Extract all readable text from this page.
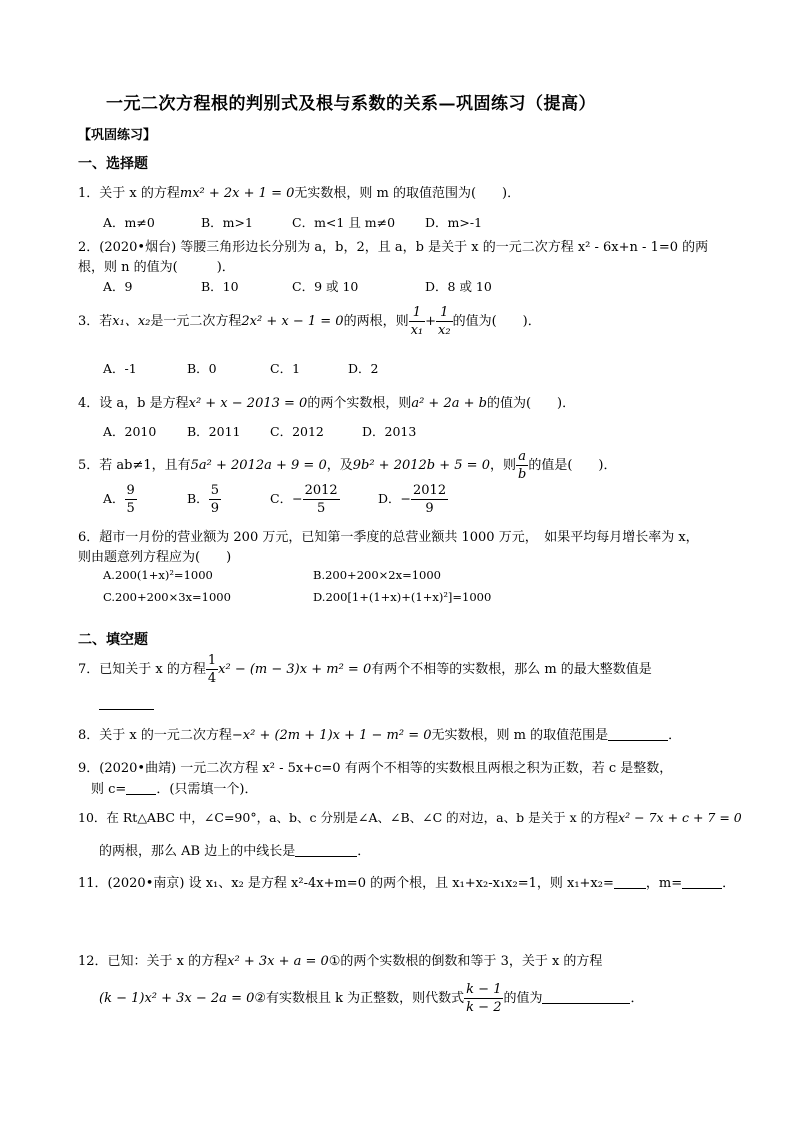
一元二次方程根的判别式及根与系数的关系—巩固练习（提高）
【巩固练习】
一、选择题
1．关于 x 的方程mx² + 2x + 1 = 0无实数根，则 m 的取值范围为(　　)．
A．m≠0	B．m>1	C．m<1 且 m≠0 D．m>-1
2．(2020•烟台) 等腰三角形边长分别为 a，b，2，且 a，b 是关于 x 的一元二次方程 x² - 6x+n - 1=0 的两
根，则 n 的值为(　　　)．
A．9	B．10	C．9 或 10	D．8 或 10
3．若x₁、x₂是一元二次方程2x² + x − 1 = 0的两根，则 $\frac{1}{\text{x₁}} + \frac{1}{\text{x₂}}$ 的值为(　　)．
A．-1	B．0	C．1	D．2
4．设 a，b 是方程x² + x − 2013 = 0的两个实数根，则a² + 2a + b的值为(　　)．
A．2010 B．2011 C．2012	D．2013
5．若 ab≠1，且有5a² + 2012a + 9 = 0，及9b² + 2012b + 5 = 0，则 $\frac{a}{b}$ 的值是(　　)．
A． $\frac{9}{5}$	B． $\frac{5}{9}$	C．− $\frac{2012}{5}$	D．− $\frac{2012}{9}$
6．超市一月份的营业额为 200 万元，已知第一季度的总营业额共 1000 万元，　如果平均每月增长率为 x，
则由题意列方程应为(　　)
A.200(1+x)²=1000	B.200+200×2x=1000
C.200+200×3x=1000	D.200[1+(1+x)+(1+x)²]=1000
二、填空题
7．已知关于 x 的方程 $\frac{1}{4} x^2 - (m - 3)x + m^2 = 0$有两个不相等的实数根，那么 m 的最大整数值是
8．关于 x 的一元二次方程−x² + (2m + 1)x + 1 − m² = 0无实数根，则 m 的取值范围是	．
9．(2020•曲靖) 一元二次方程 x² - 5x+c=0 有两个不相等的实数根且两根之积为正数，若 c 是整数，
则 c= ．(只需填一个)．
10．在 Rt△ABC 中，∠C=90°，a、b、c 分别是∠A、∠B、∠C 的对边，a、b 是关于 x 的方程x² − 7x + c + 7 = 0
的两根，那么 AB 边上的中线长是	．
11．(2020•南京) 设 x₁、x₂ 是方程 x²-4x+m=0 的两个根，且 x₁+x₂-x₁x₂=1，则 x₁+x₂= ，m=	．
12．已知：关于 x 的方程x² + 3x + a = 0①的两个实数根的倒数和等于 3，关于 x 的方程
(k − 1)x² + 3x − 2a = 0②有实数根且 k 为正整数，则代数式 $\frac{k - 1}{k - 2}$ 的值为	．
